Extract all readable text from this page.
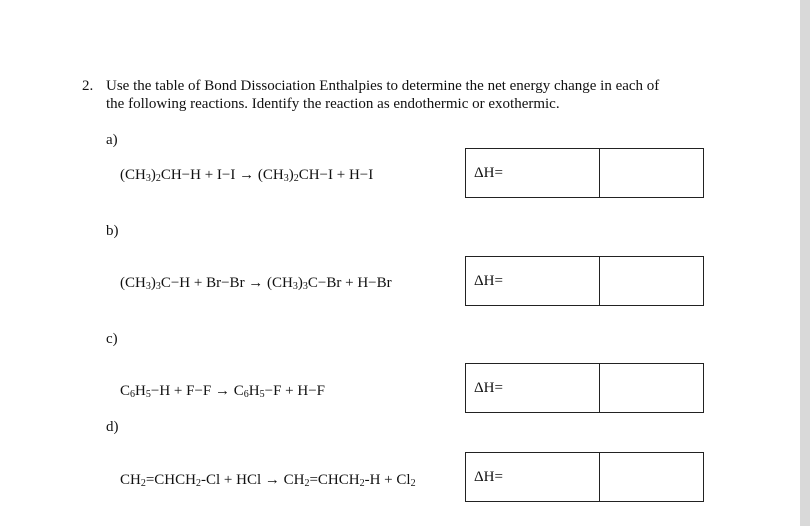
2. Use the table of Bond Dissociation Enthalpies to determine the net energy change in each of
the following reactions. Identify the reaction as endothermic or exothermic.
a)
$(CH_3)_2CH-H + I-I \to (CH_3)_2CH-I + H-I$	ΔH=
b)
$(CH_3)_3C-H + Br-Br \to (CH_3)_3C-Br + H-Br$	ΔH=
c)
$C_6H_5-H + F-F \to C_6H_5-F + H-F$	ΔH=
d)
$CH_2=CHCH_2-Cl$ + HCl → $CH_2=CHCH_2-H + Cl_2$	ΔH=
